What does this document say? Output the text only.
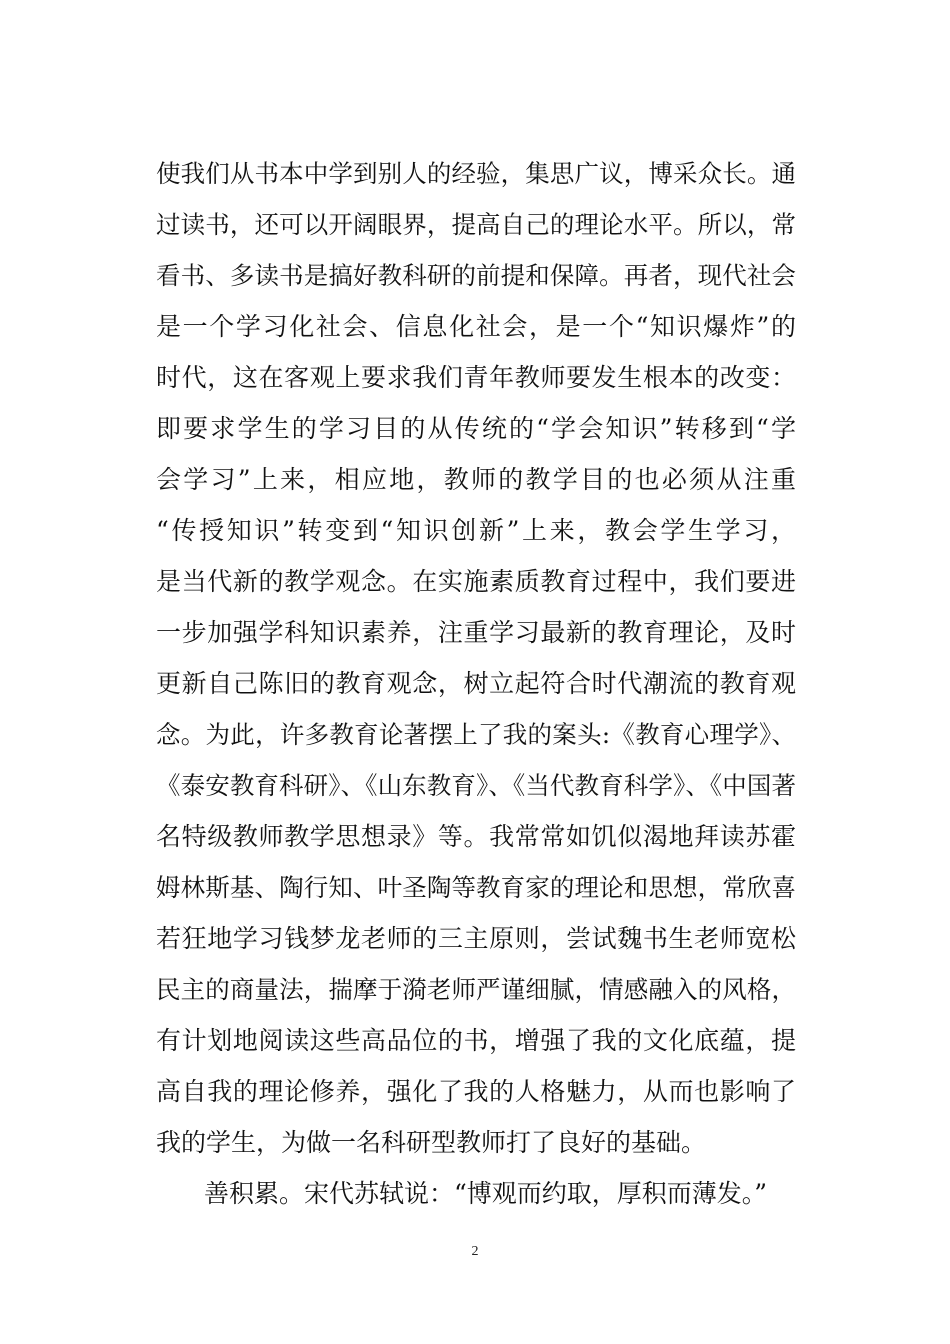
使我们从书本中学到别人的经验，集思广议，博采众长。通
过读书，还可以开阔眼界，提高自己的理论水平。所以，常
看书、多读书是搞好教科研的前提和保障。再者，现代社会
是一个学习化社会、信息化社会，是一个“知识爆炸”的
时代，这在客观上要求我们青年教师要发生根本的改变：
即要求学生的学习目的从传统的“学会知识”转移到“学
会学习”上来，相应地，教师的教学目的也必须从注重
“传授知识”转变到“知识创新”上来，教会学生学习，
是当代新的教学观念。在实施素质教育过程中，我们要进
一步加强学科知识素养，注重学习最新的教育理论，及时
更新自己陈旧的教育观念，树立起符合时代潮流的教育观
念。为此，许多教育论著摆上了我的案头:《教育心理学》、
《泰安教育科研》、《山东教育》、《当代教育科学》、《中国著
名特级教师教学思想录》等。我常常如饥似渴地拜读苏霍
姆林斯基、陶行知、叶圣陶等教育家的理论和思想，常欣喜
若狂地学习钱梦龙老师的三主原则，尝试魏书生老师宽松
民主的商量法，揣摩于漪老师严谨细腻，情感融入的风格，
有计划地阅读这些高品位的书，增强了我的文化底蕴，提
高自我的理论修养，强化了我的人格魅力，从而也影响了
我的学生，为做一名科研型教师打了良好的基础。
善积累。宋代苏轼说：“博观而约取，厚积而薄发。”
2
